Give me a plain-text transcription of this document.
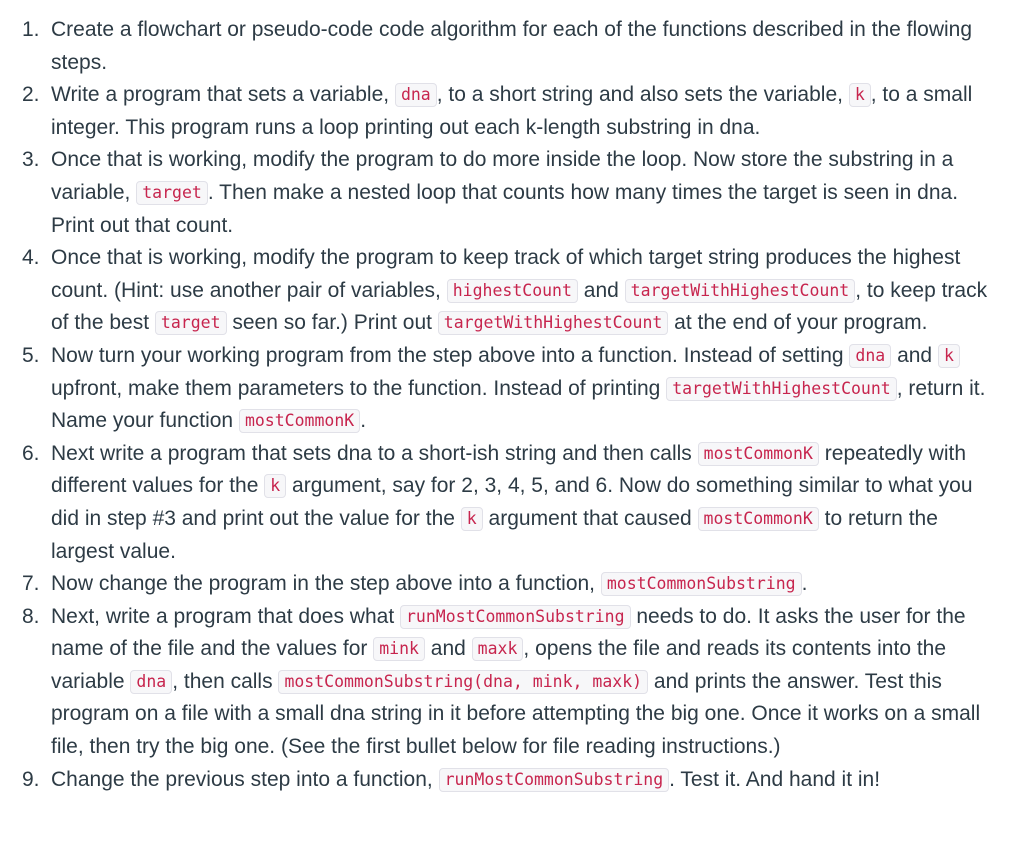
1. Create a flowchart or pseudo-code code algorithm for each of the functions described in the flowing steps.
2. Write a program that sets a variable, dna , to a short string and also sets the variable, k , to a small integer. This program runs a loop printing out each k-length substring in dna.
3. Once that is working, modify the program to do more inside the loop. Now store the substring in a variable, target . Then make a nested loop that counts how many times the target is seen in dna. Print out that count.
4. Once that is working, modify the program to keep track of which target string produces the highest count. (Hint: use another pair of variables, highestCount and targetWithHighestCount , to keep track of the best target seen so far.) Print out targetWithHighestCount at the end of your program.
5. Now turn your working program from the step above into a function. Instead of setting dna and k upfront, make them parameters to the function. Instead of printing targetWithHighestCount , return it. Name your function mostCommonK .
6. Next write a program that sets dna to a short-ish string and then calls mostCommonK repeatedly with different values for the k argument, say for 2, 3, 4, 5, and 6. Now do something similar to what you did in step #3 and print out the value for the k argument that caused mostCommonK to return the largest value.
7. Now change the program in the step above into a function, mostCommonSubstring .
8. Next, write a program that does what runMostCommonSubstring needs to do. It asks the user for the name of the file and the values for mink and maxk , opens the file and reads its contents into the variable dna , then calls mostCommonSubstring(dna, mink, maxk) and prints the answer. Test this program on a file with a small dna string in it before attempting the big one. Once it works on a small file, then try the big one. (See the first bullet below for file reading instructions.)
9. Change the previous step into a function, runMostCommonSubstring . Test it. And hand it in!
